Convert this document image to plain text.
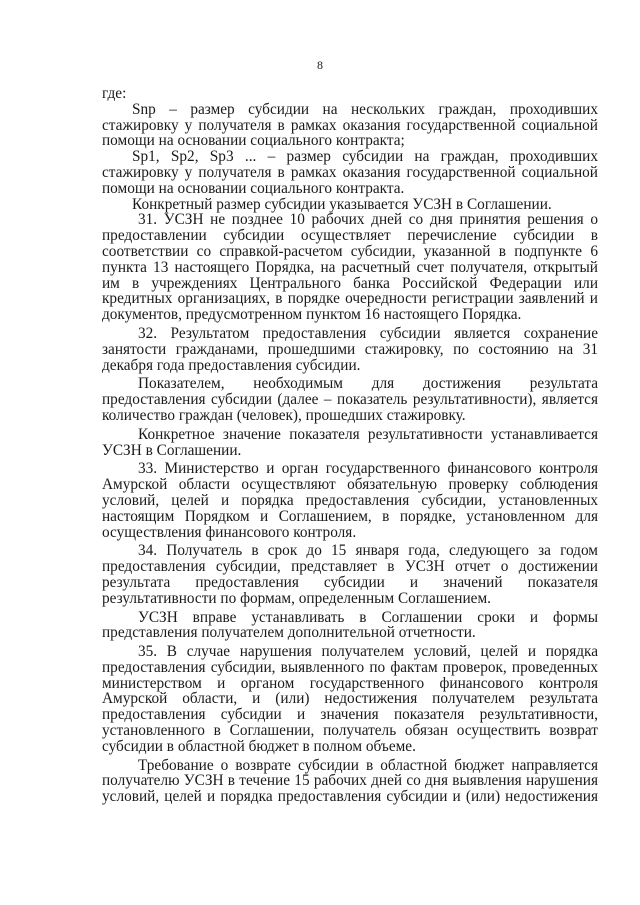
8

где:

Snp – размер субсидии на нескольких граждан, проходивших стажировку у получателя в рамках оказания государственной социальной помощи на основании социального контракта;

Sp1, Sp2, Sp3 ... – размер субсидии на граждан, проходивших стажировку у получателя в рамках оказания государственной социальной помощи на основании социального контракта.

Конкретный размер субсидии указывается УСЗН в Соглашении.

31. УСЗН не позднее 10 рабочих дней со дня принятия решения о предоставлении субсидии осуществляет перечисление субсидии в соответствии со справкой-расчетом субсидии, указанной в подпункте 6 пункта 13 настоящего Порядка, на расчетный счет получателя, открытый им в учреждениях Центрального банка Российской Федерации или кредитных организациях, в порядке очередности регистрации заявлений и документов, предусмотренном пунктом 16 настоящего Порядка.

32. Результатом предоставления субсидии является сохранение занятости гражданами, прошедшими стажировку, по состоянию на 31 декабря года предоставления субсидии.

Показателем, необходимым для достижения результата предоставления субсидии (далее – показатель результативности), является количество граждан (человек), прошедших стажировку.

Конкретное значение показателя результативности устанавливается УСЗН в Соглашении.

33. Министерство и орган государственного финансового контроля Амурской области осуществляют обязательную проверку соблюдения условий, целей и порядка предоставления субсидии, установленных настоящим Порядком и Соглашением, в порядке, установленном для осуществления финансового контроля.

34. Получатель в срок до 15 января года, следующего за годом предоставления субсидии, представляет в УСЗН отчет о достижении результата предоставления субсидии и значений показателя результативности по формам, определенным Соглашением.

УСЗН вправе устанавливать в Соглашении сроки и формы представления получателем дополнительной отчетности.

35. В случае нарушения получателем условий, целей и порядка предоставления субсидии, выявленного по фактам проверок, проведенных министерством и органом государственного финансового контроля Амурской области, и (или) недостижения получателем результата предоставления субсидии и значения показателя результативности, установленного в Соглашении, получатель обязан осуществить возврат субсидии в областной бюджет в полном объеме.

Требование о возврате субсидии в областной бюджет направляется получателю УСЗН в течение 15 рабочих дней со дня выявления нарушения условий, целей и порядка предоставления субсидии и (или) недостижения
